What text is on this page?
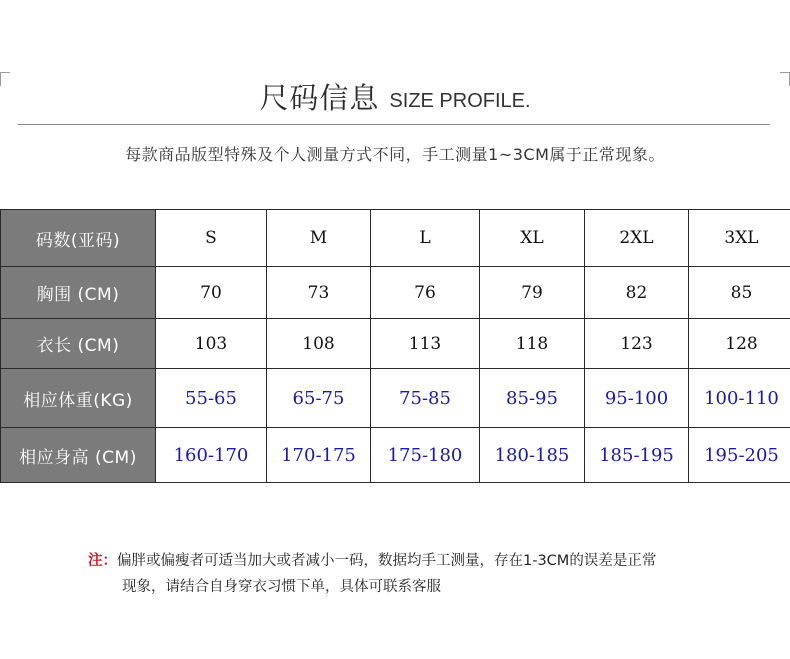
尺码信息 SIZE PROFILE.
每款商品版型特殊及个人测量方式不同，手工测量1~3CM属于正常现象。
码数(亚码)	S	M	L	XL	2XL	3XL
胸围 (CM)	70	73	76	79	82	85
衣长 (CM)	103	108	113	118	123	128
相应体重(KG)	55-65	65-75	75-85	85-95	95-100	100-110
相应身高 (CM)	160-170	170-175	175-180	180-185	185-195	195-205
注：偏胖或偏瘦者可适当加大或者减小一码，数据均手工测量，存在1-3CM的误差是正常
现象，请结合自身穿衣习惯下单，具体可联系客服
